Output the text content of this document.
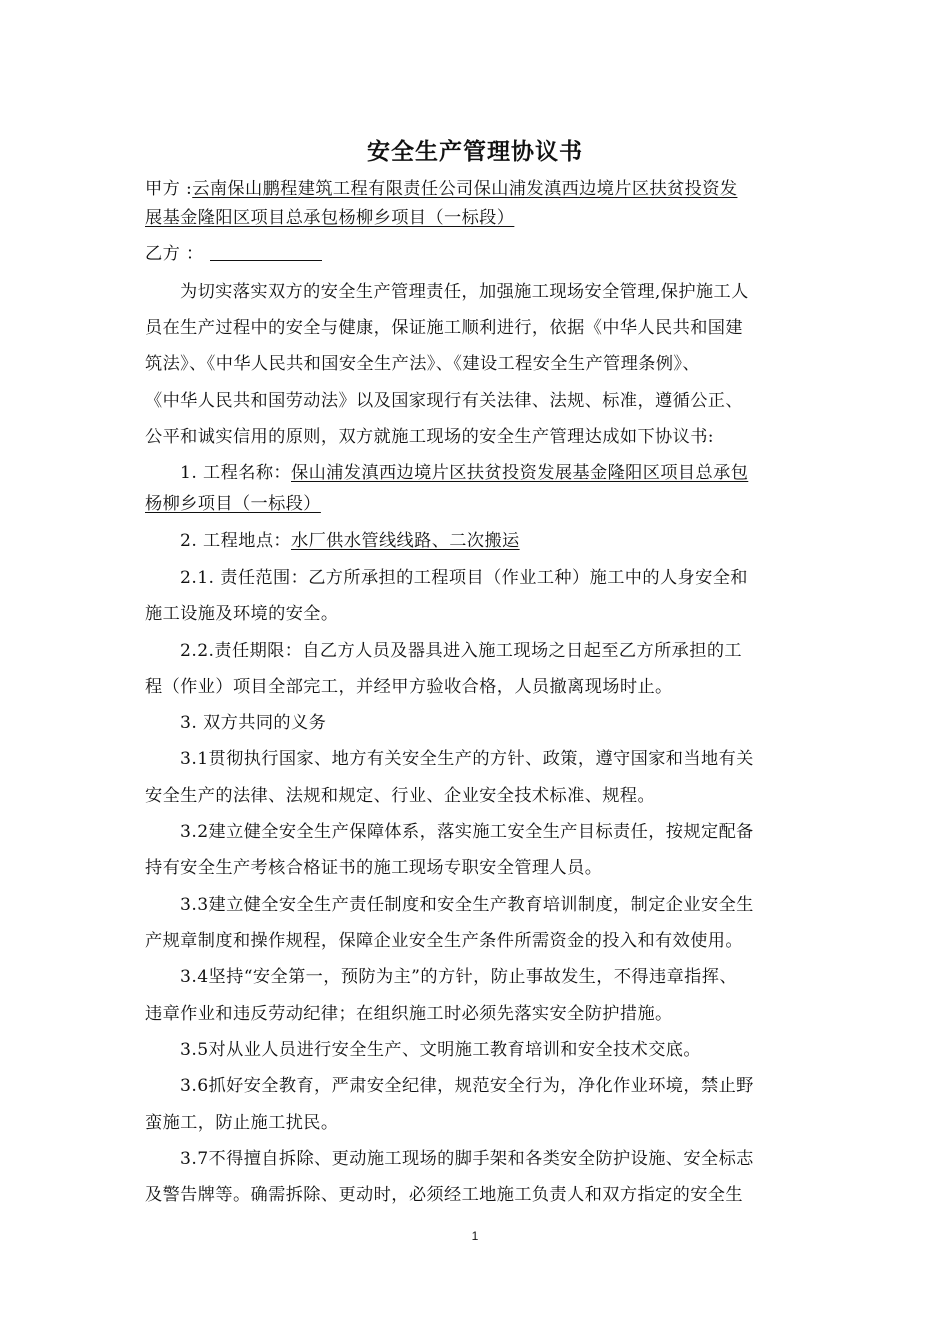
安全生产管理协议书
甲方 :云南保山鹏程建筑工程有限责任公司保山浦发滇西边境片区扶贫投资发
展基金隆阳区项目总承包杨柳乡项目（一标段）
乙方 ：
为切实落实双方的安全生产管理责任，加强施工现场安全管理,保护施工人
员在生产过程中的安全与健康，保证施工顺利进行，依据《中华人民共和国建
筑法》、《中华人民共和国安全生产法》、《建设工程安全生产管理条例》、
《中华人民共和国劳动法》以及国家现行有关法律、法规、标准，遵循公正、
公平和诚实信用的原则，双方就施工现场的安全生产管理达成如下协议书:
1. 工程名称：保山浦发滇西边境片区扶贫投资发展基金隆阳区项目总承包
杨柳乡项目（一标段）
2. 工程地点：水厂供水管线线路、二次搬运
2.1. 责任范围：乙方所承担的工程项目（作业工种）施工中的人身安全和
施工设施及环境的安全。
2.2.责任期限：自乙方人员及器具进入施工现场之日起至乙方所承担的工
程（作业）项目全部完工，并经甲方验收合格，人员撤离现场时止。
3. 双方共同的义务
3.1贯彻执行国家、地方有关安全生产的方针、政策，遵守国家和当地有关
安全生产的法律、法规和规定、行业、企业安全技术标准、规程。
3.2建立健全安全生产保障体系，落实施工安全生产目标责任，按规定配备
持有安全生产考核合格证书的施工现场专职安全管理人员。
3.3建立健全安全生产责任制度和安全生产教育培训制度，制定企业安全生
产规章制度和操作规程，保障企业安全生产条件所需资金的投入和有效使用。
3.4坚持“安全第一，预防为主”的方针，防止事故发生，不得违章指挥、
违章作业和违反劳动纪律；在组织施工时必须先落实安全防护措施。
3.5对从业人员进行安全生产、文明施工教育培训和安全技术交底。
3.6抓好安全教育，严肃安全纪律，规范安全行为，净化作业环境，禁止野
蛮施工，防止施工扰民。
3.7不得擅自拆除、更动施工现场的脚手架和各类安全防护设施、安全标志
及警告牌等。确需拆除、更动时，必须经工地施工负责人和双方指定的安全生
1
